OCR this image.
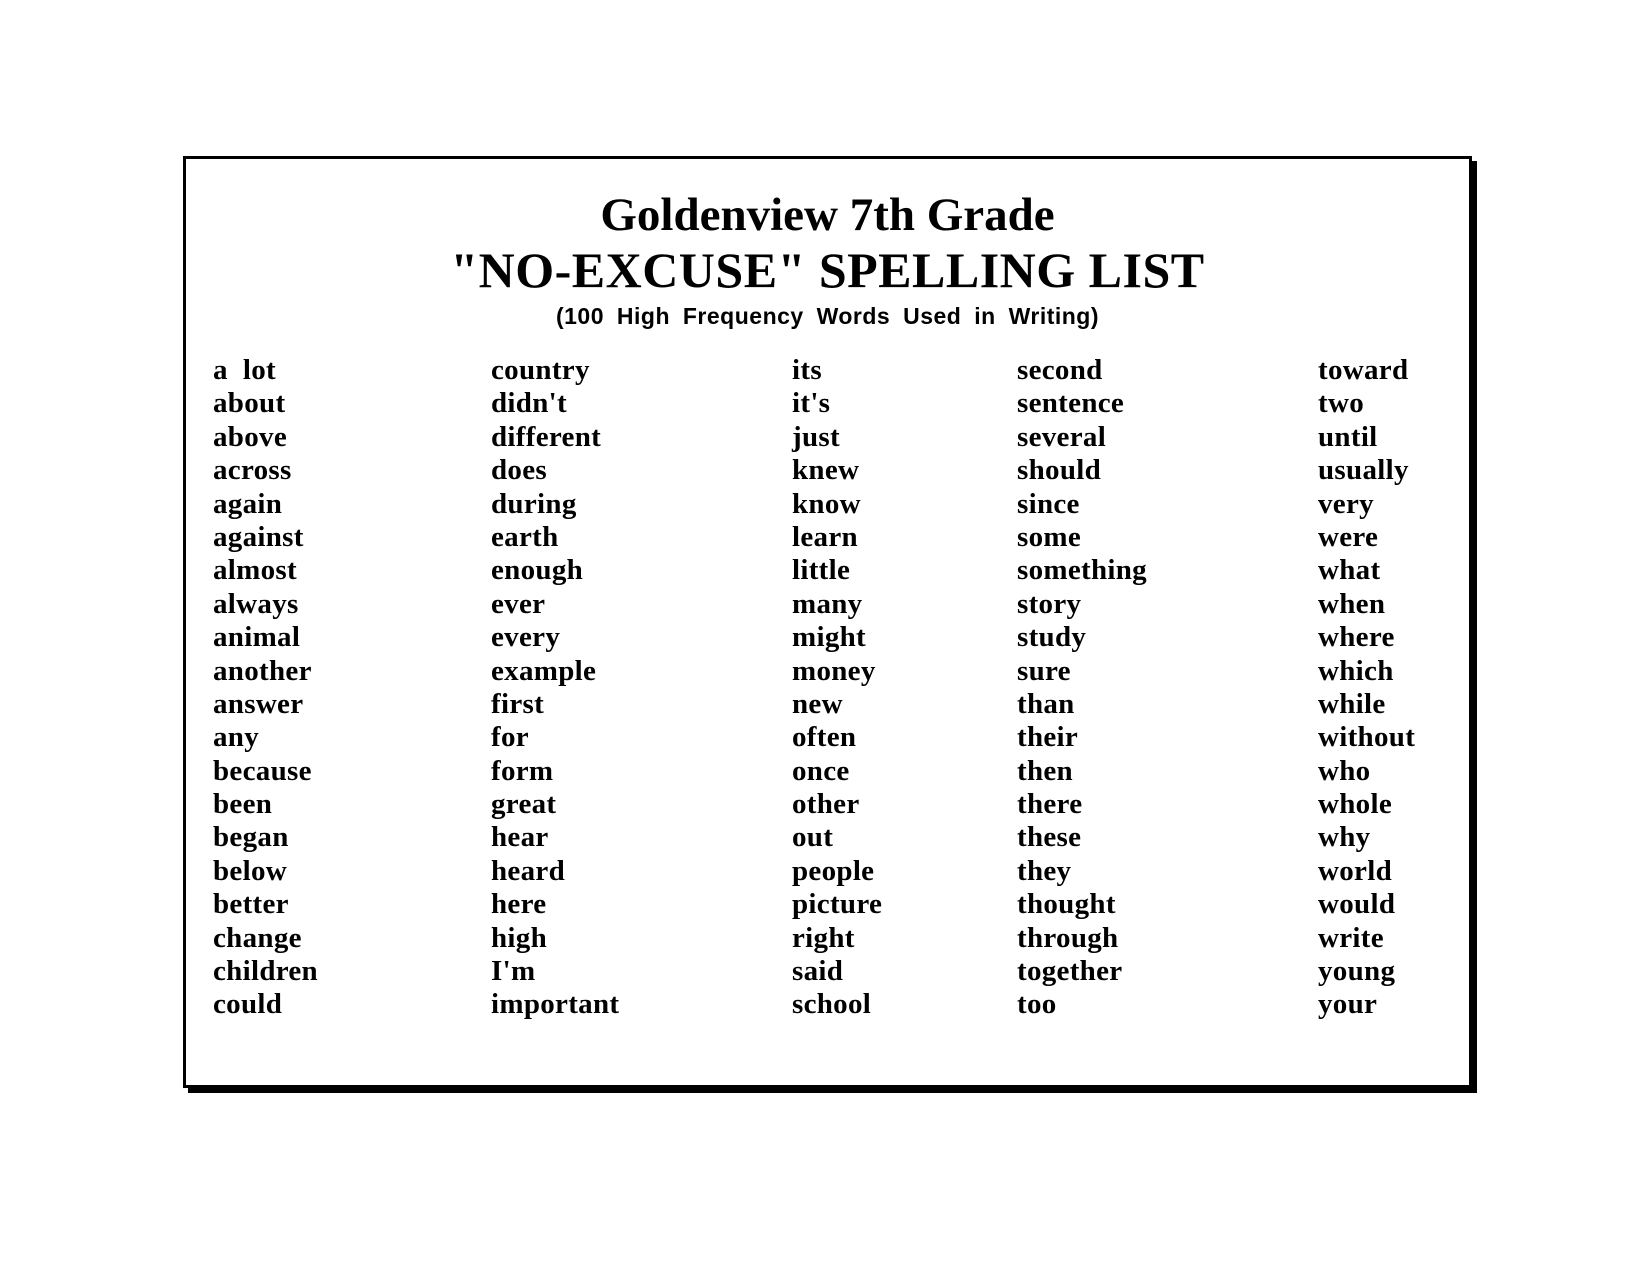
Goldenview 7th Grade
"NO-EXCUSE" SPELLING LIST
(100 High Frequency Words Used in Writing)
a  lot
about
above
across
again
against
almost
always
animal
another
answer
any
because
been
began
below
better
change
children
could
country
didn't
different
does
during
earth
enough
ever
every
example
first
for
form
great
hear
heard
here
high
I'm
important
its
it's
just
knew
know
learn
little
many
might
money
new
often
once
other
out
people
picture
right
said
school
second
sentence
several
should
since
some
something
story
study
sure
than
their
then
there
these
they
thought
through
together
too
toward
two
until
usually
very
were
what
when
where
which
while
without
who
whole
why
world
would
write
young
your
